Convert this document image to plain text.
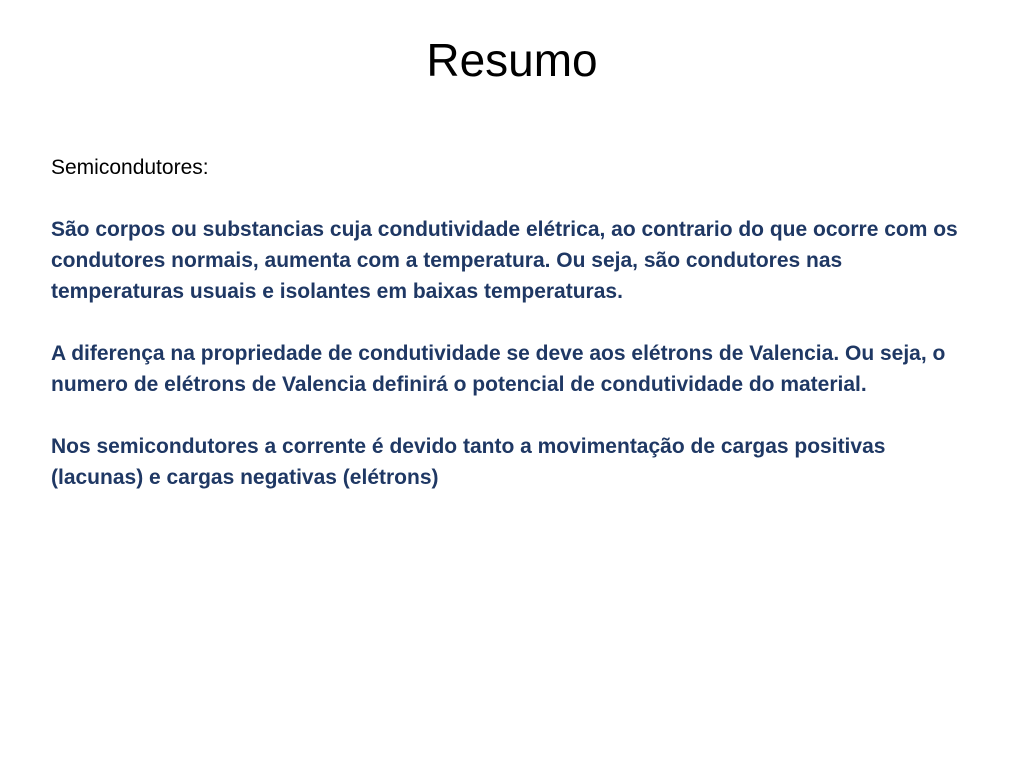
Resumo

Semicondutores:

São corpos ou substancias cuja condutividade elétrica, ao contrario do que ocorre com os condutores normais, aumenta com a temperatura. Ou seja, são condutores nas temperaturas usuais e isolantes em baixas temperaturas.

A diferença na propriedade de condutividade se deve aos elétrons de Valencia. Ou seja, o numero de elétrons de Valencia definirá o potencial de condutividade do material.

Nos semicondutores a corrente é devido tanto a movimentação de cargas positivas (lacunas) e cargas negativas (elétrons)
